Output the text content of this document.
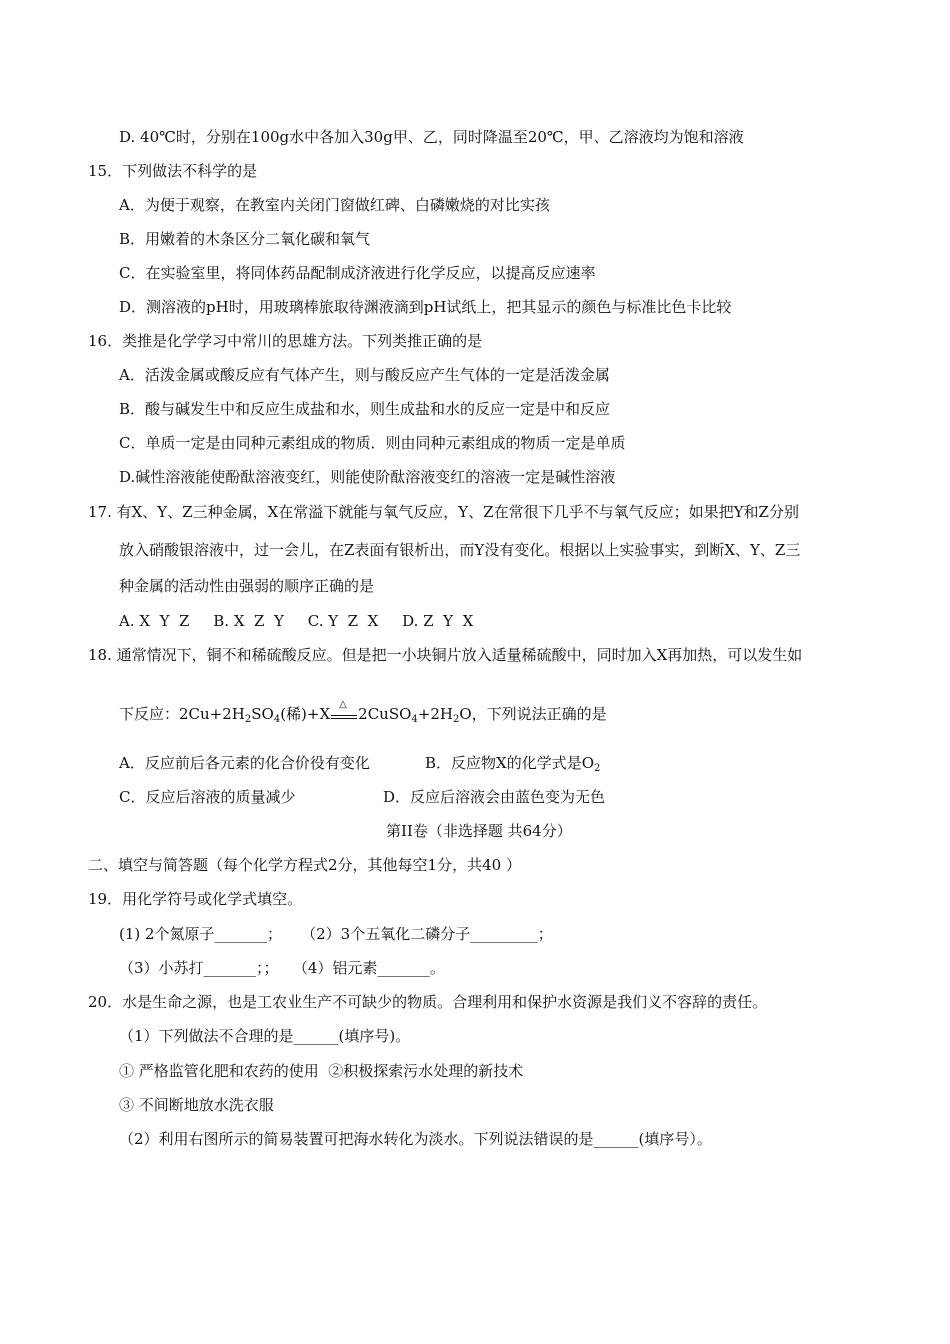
D. 40℃时，分别在100g水中各加入30g甲、乙，同时降温至20℃，甲、乙溶液均为饱和溶液
15．下列做法不科学的是
A．为便于观察，在教室内关闭门窗做红碑、白磷嫩烧的对比实孩
B．用嫩着的木条区分二氧化碳和氧气
C．在实验室里，将同体药品配制成济液进行化学反应，以提高反应速率
D．测溶液的pH时，用玻璃棒旅取待渊液滴到pH试纸上，把其显示的颜色与标准比色卡比较
16．类推是化学学习中常川的思雄方法。下列类推正确的是
A．活泼金属或酸反应有气体产生，则与酸反应产生气体的一定是活泼金属
B．酸与碱发生中和反应生成盐和水，则生成盐和水的反应一定是中和反应
C．单质一定是由同种元素组成的物质．则由同种元素组成的物质一定是单质
D.碱性溶液能使酚酞溶液变红，则能使阶酞溶液变红的溶液一定是碱性溶液
17. 有X、Y、Z三种金属，X在常溢下就能与氧气反应，Y、Z在常很下几乎不与氧气反应；如果把Y和Z分别
放入硝酸银溶液中，过一会儿，在Z表面有银析出，而Y没有变化。根据以上实验事实，到断X、Y、Z三
种金属的活动性由强弱的顺序正确的是
A. X  Y  Z     B. X  Z  Y     C. Y  Z  X     D. Z  Y  X
18. 通常情况下，铜不和稀硫酸反应。但是把一小块铜片放入适量稀硫酸中，同时加入X再加热，可以发生如
下反应：$2Cu+2H_2SO_4$(稀)+X
△
$2CuSO_4+2H_2O$，下列说法正确的是
A．反应前后各元素的化合价役有变化	B．反应物X的化学式是$O_2$
C．反应后溶液的质量减少	D．反应后溶液会由蓝色变为无色
第II卷（非选择题 共64分）
二、填空与简答题（每个化学方程式2分，其他每空1分，共40 ）
19．用化学符号或化学式填空。
(1) 2个氮原子_______；    （2）3个五氧化二磷分子_________；
（3）小苏打_______；；   （4）铝元素_______。
20．水是生命之源，也是工农业生产不可缺少的物质。合理利用和保护水资源是我们义不容辞的责任。
（1）下列做法不合理的是______(填序号)。
① 严格监管化肥和农药的使用  ②积极探索污水处理的新技术
③ 不间断地放水洗衣服
（2）利用右图所示的简易装置可把海水转化为淡水。下列说法错误的是______(填序号）。
